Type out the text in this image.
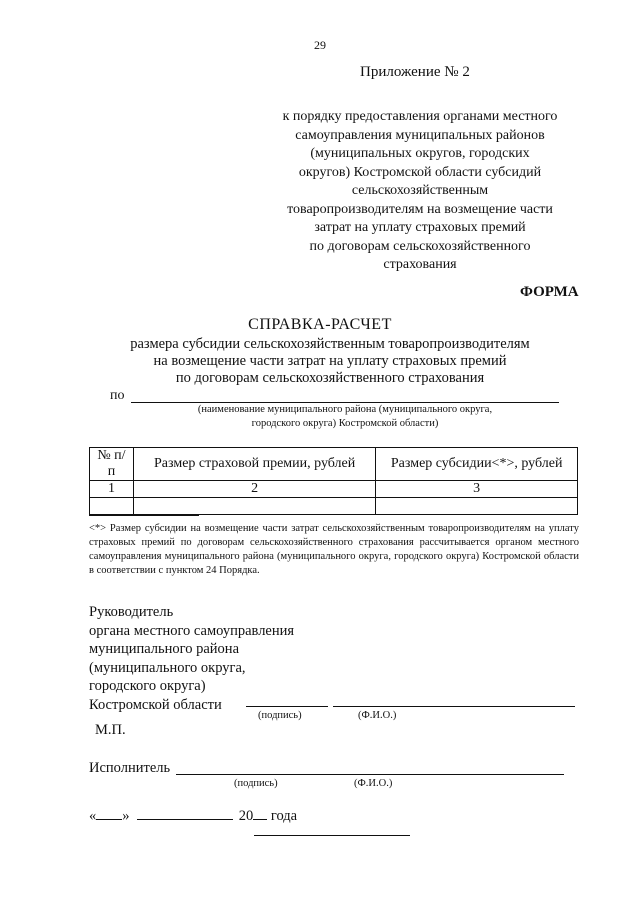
29
Приложение № 2
к порядку предоставления органами местного
самоуправления муниципальных районов
(муниципальных округов, городских
округов) Костромской области субсидий
сельскохозяйственным
товаропроизводителям на возмещение части
затрат на уплату страховых премий
по договорам сельскохозяйственного
страхования
ФОРМА
СПРАВКА-РАСЧЕТ
размера субсидии сельскохозяйственным товаропроизводителям
на возмещение части затрат на уплату страховых премий
по договорам сельскохозяйственного страхования
по
(наименование муниципального района (муниципального округа,
городского округа) Костромской области)
№ п/п	Размер страховой премии, рублей	Размер субсидии<*>, рублей
1	2	3

<*> Размер субсидии на возмещение части затрат сельскохозяйственным товаропроизводителям на уплату страховых премий по договорам сельскохозяйственного страхования рассчитывается органом местного самоуправления муниципального района (муниципального округа, городского округа) Костромской области в соответствии с пунктом 24 Порядка.
Руководитель
органа местного самоуправления
муниципального района
(муниципального округа,
городского округа)
Костромской области
(подпись)	(Ф.И.О.)
М.П.
Исполнитель
(подпись)	(Ф.И.О.)
« »	20 года
